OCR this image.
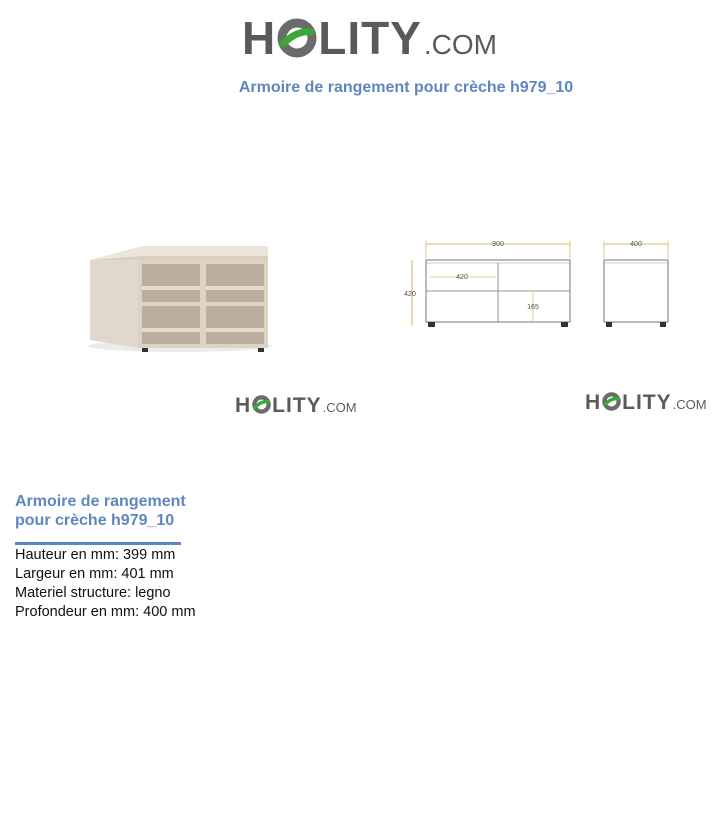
H LITY .COM
Armoire de rangement pour crèche h979_10
900
420
420
165
400
H LITY .COM	H LITY .COM
Armoire de rangement
pour crèche h979_10
Hauteur en mm: 399 mm
Largeur en mm: 401 mm
Materiel structure: legno
Profondeur en mm: 400 mm
